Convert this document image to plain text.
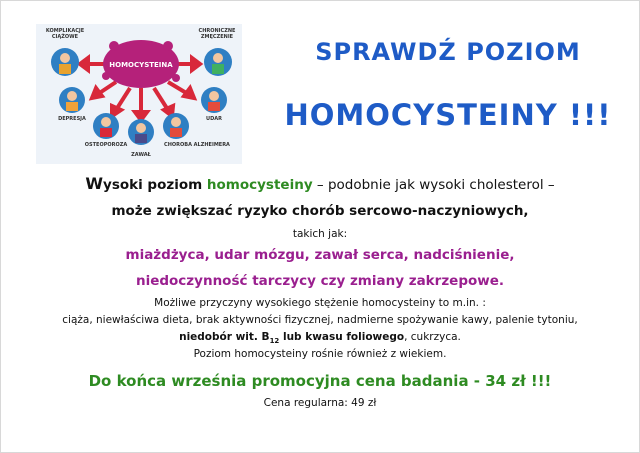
HOMOCYSTEINA
KOMPLIKACJE CIĄŻOWE
CHRONICZNE ZMĘCZENIE
DEPRESJA	UDAR
OSTEOPOROZA
ZAWAŁ
CHOROBA ALZHEIMERA
SPRAWDŹ POZIOM
HOMOCYSTEINY !!!
Wysoki poziom homocysteiny – podobnie jak wysoki cholesterol –
może zwiększać ryzyko chorób sercowo-naczyniowych,
takich jak:
miażdżyca, udar mózgu, zawał serca, nadciśnienie,
niedoczynność tarczycy czy zmiany zakrzepowe.
Możliwe przyczyny wysokiego stężenie homocysteiny to m.in. :
ciąża, niewłaściwa dieta, brak aktywności fizycznej, nadmierne spożywanie kawy, palenie tytoniu,
niedobór wit. $B_{12}$ lub kwasu foliowego, cukrzyca.
Poziom homocysteiny rośnie również z wiekiem.
Do końca września promocyjna cena badania - 34 zł !!!
Cena regularna: 49 zł
